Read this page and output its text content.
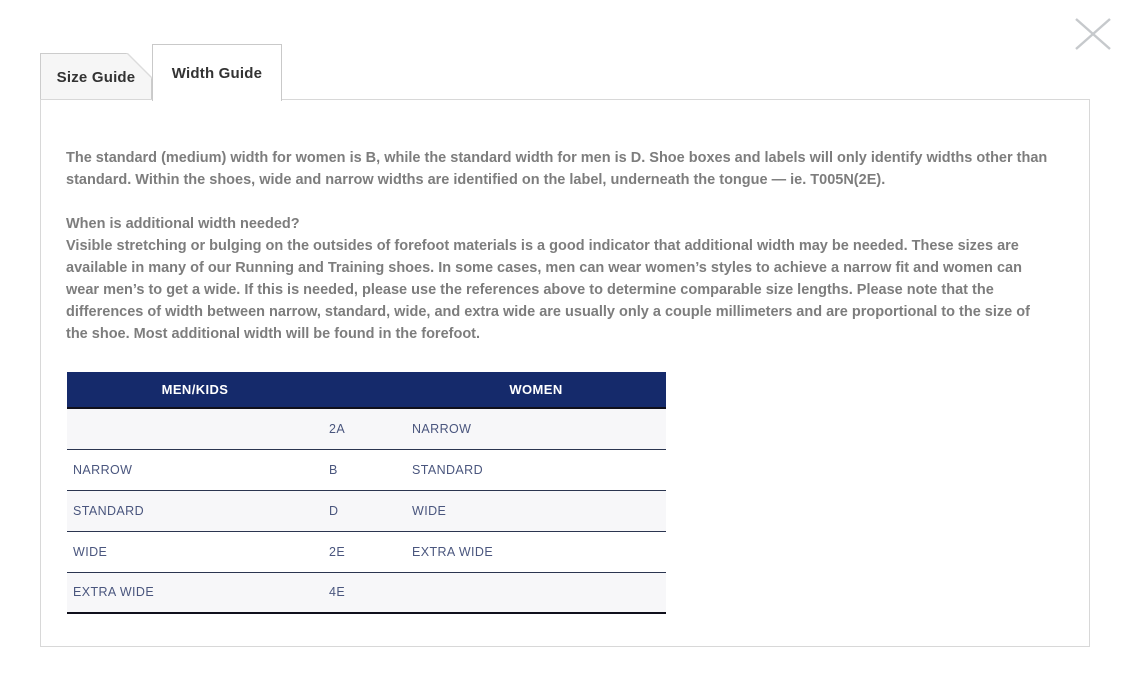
Size Guide Width Guide

The standard (medium) width for women is B, while the standard width for men is D. Shoe boxes and labels will only identify widths other than standard. Within the shoes, wide and narrow widths are identified on the label, underneath the tongue — ie. T005N(2E).

When is additional width needed?
Visible stretching or bulging on the outsides of forefoot materials is a good indicator that additional width may be needed. These sizes are available in many of our Running and Training shoes. In some cases, men can wear women’s styles to achieve a narrow fit and women can wear men’s to get a wide. If this is needed, please use the references above to determine comparable size lengths. Please note that the differences of width between narrow, standard, wide, and extra wide are usually only a couple millimeters and are proportional to the size of the shoe. Most additional width will be found in the forefoot.

MEN/KIDS		WOMEN
	2A	NARROW
NARROW	B	STANDARD
STANDARD	D	WIDE
WIDE	2E	EXTRA WIDE
EXTRA WIDE	4E	
